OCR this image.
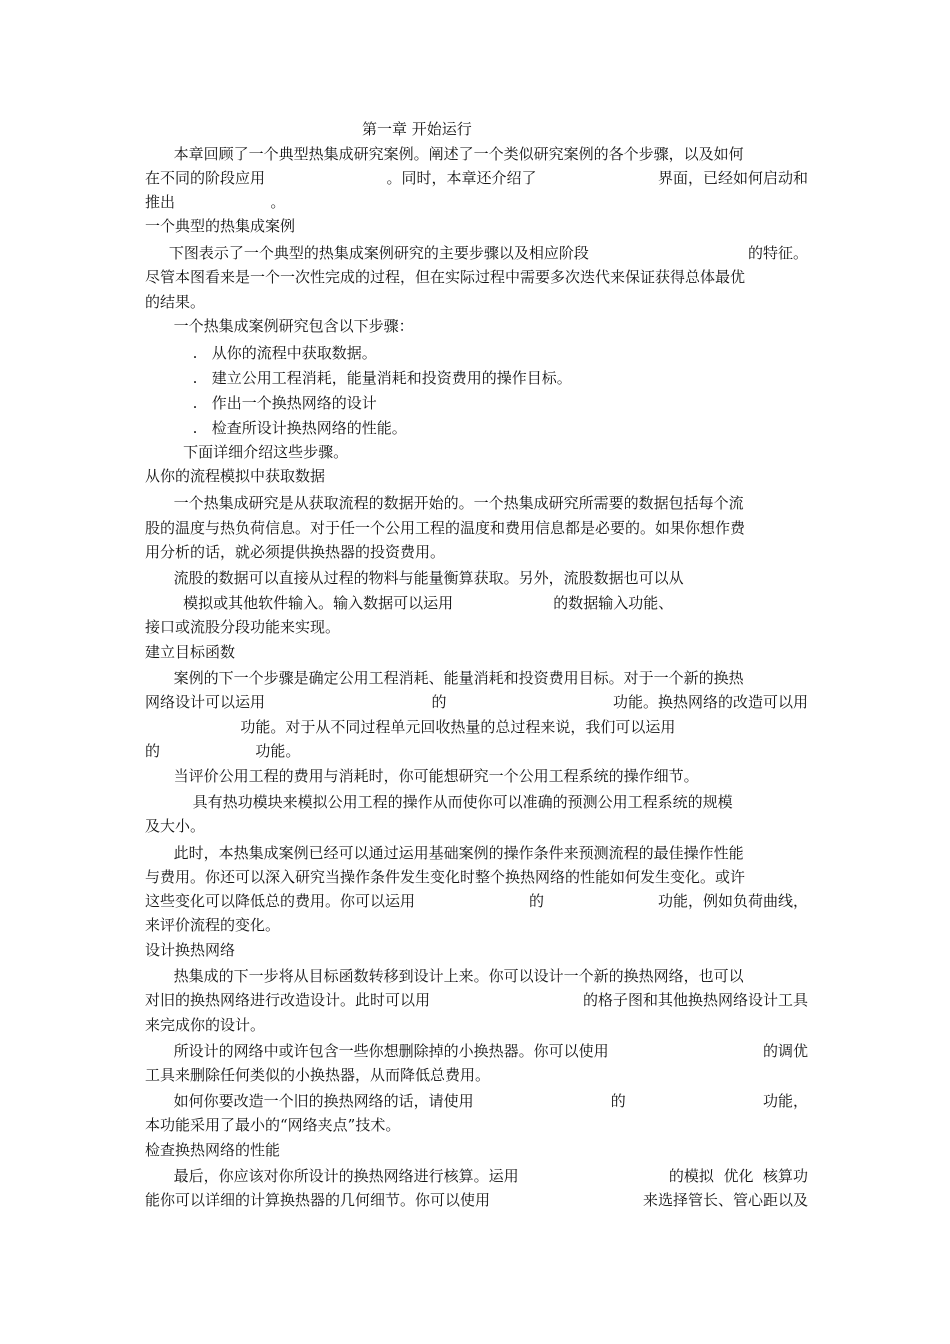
第一章 开始运行
本章回顾了一个典型热集成研究案例。阐述了一个类似研究案例的各个步骤，以及如何
在不同的阶段应用	。同时，本章还介绍了	界面，已经如何启动和
推出                    。
一个典型的热集成案例
下图表示了一个典型的热集成案例研究的主要步骤以及相应阶段	的特征。
尽管本图看来是一个一次性完成的过程，但在实际过程中需要多次迭代来保证获得总体最优
的结果。
一个热集成案例研究包含以下步骤：
.   从你的流程中获取数据。
.   建立公用工程消耗，能量消耗和投资费用的操作目标。
.   作出一个换热网络的设计
.   检查所设计换热网络的性能。
下面详细介绍这些步骤。
从你的流程模拟中获取数据
一个热集成研究是从获取流程的数据开始的。一个热集成研究所需要的数据包括每个流
股的温度与热负荷信息。对于任一个公用工程的温度和费用信息都是必要的。如果你想作费
用分析的话，就必须提供换热器的投资费用。
流股的数据可以直接从过程的物料与能量衡算获取。另外，流股数据也可以从
模拟或其他软件输入。输入数据可以运用                     的数据输入功能、
接口或流股分段功能来实现。
建立目标函数
案例的下一个步骤是确定公用工程消耗、能量消耗和投资费用目标。对于一个新的换热
网络设计可以运用	的	功能。换热网络的改造可以用
功能。对于从不同过程单元回收热量的总过程来说，我们可以运用
的                    功能。
当评价公用工程的费用与消耗时，你可能想研究一个公用工程系统的操作细节。
具有热功模块来模拟公用工程的操作从而使你可以准确的预测公用工程系统的规模
及大小。
此时，本热集成案例已经可以通过运用基础案例的操作条件来预测流程的最佳操作性能
与费用。你还可以深入研究当操作条件发生变化时整个换热网络的性能如何发生变化。或许
这些变化可以降低总的费用。你可以运用	的	功能，例如负荷曲线，
来评价流程的变化。
设计换热网络
热集成的下一步将从目标函数转移到设计上来。你可以设计一个新的换热网络，也可以
对旧的换热网络进行改造设计。此时可以用	的格子图和其他换热网络设计工具
来完成你的设计。
所设计的网络中或许包含一些你想删除掉的小换热器。你可以使用	的调优
工具来删除任何类似的小换热器，从而降低总费用。
如何你要改造一个旧的换热网络的话，请使用	的	功能，
本功能采用了最小的“网络夹点”技术。
检查换热网络的性能
最后，你应该对你所设计的换热网络进行核算。运用	的模拟  优化  核算功
能你可以详细的计算换热器的几何细节。你可以使用	来选择管长、管心距以及
